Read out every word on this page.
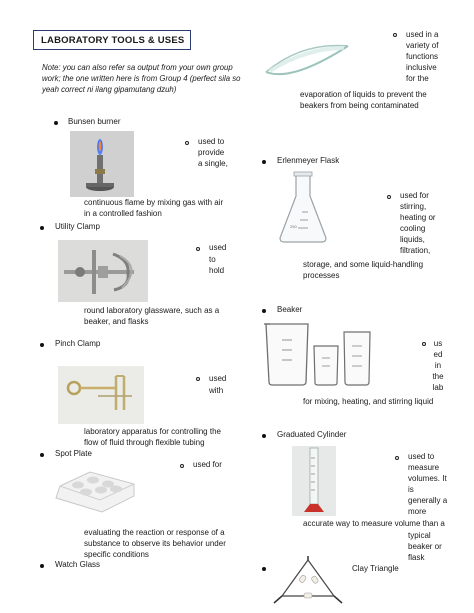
LABORATORY TOOLS & USES
Note: you can also refer sa output from your own group work; the one written here is from Group 4 (perfect sila so yeah correct ni ilang gipamutang dzuh)
Bunsen burner
used to
provide
a single,
continuous flame by mixing gas with air
in a controlled fashion
Utility Clamp
used
to
hold
round laboratory glassware, such as a
beaker, and flasks
Pinch Clamp
used
with
laboratory apparatus for controlling the
flow of fluid through flexible tubing
Spot Plate
used for
evaluating the reaction or response of a
substance to observe its behavior under
specific conditions
Watch Glass
used in a
variety of
functions
inclusive
for the
evaporation of liquids to prevent the
beakers from being contaminated
Erlenmeyer Flask
250
used for
stirring,
heating or
cooling
liquids,
filtration,
storage, and some liquid-handling
processes
Beaker
us
ed
in
the
lab
for mixing, heating, and stirring liquid
Graduated Cylinder
used to
measure
volumes. It
is
generally a
more
accurate way to measure volume than a
typical
beaker or
flask
Clay Triangle
